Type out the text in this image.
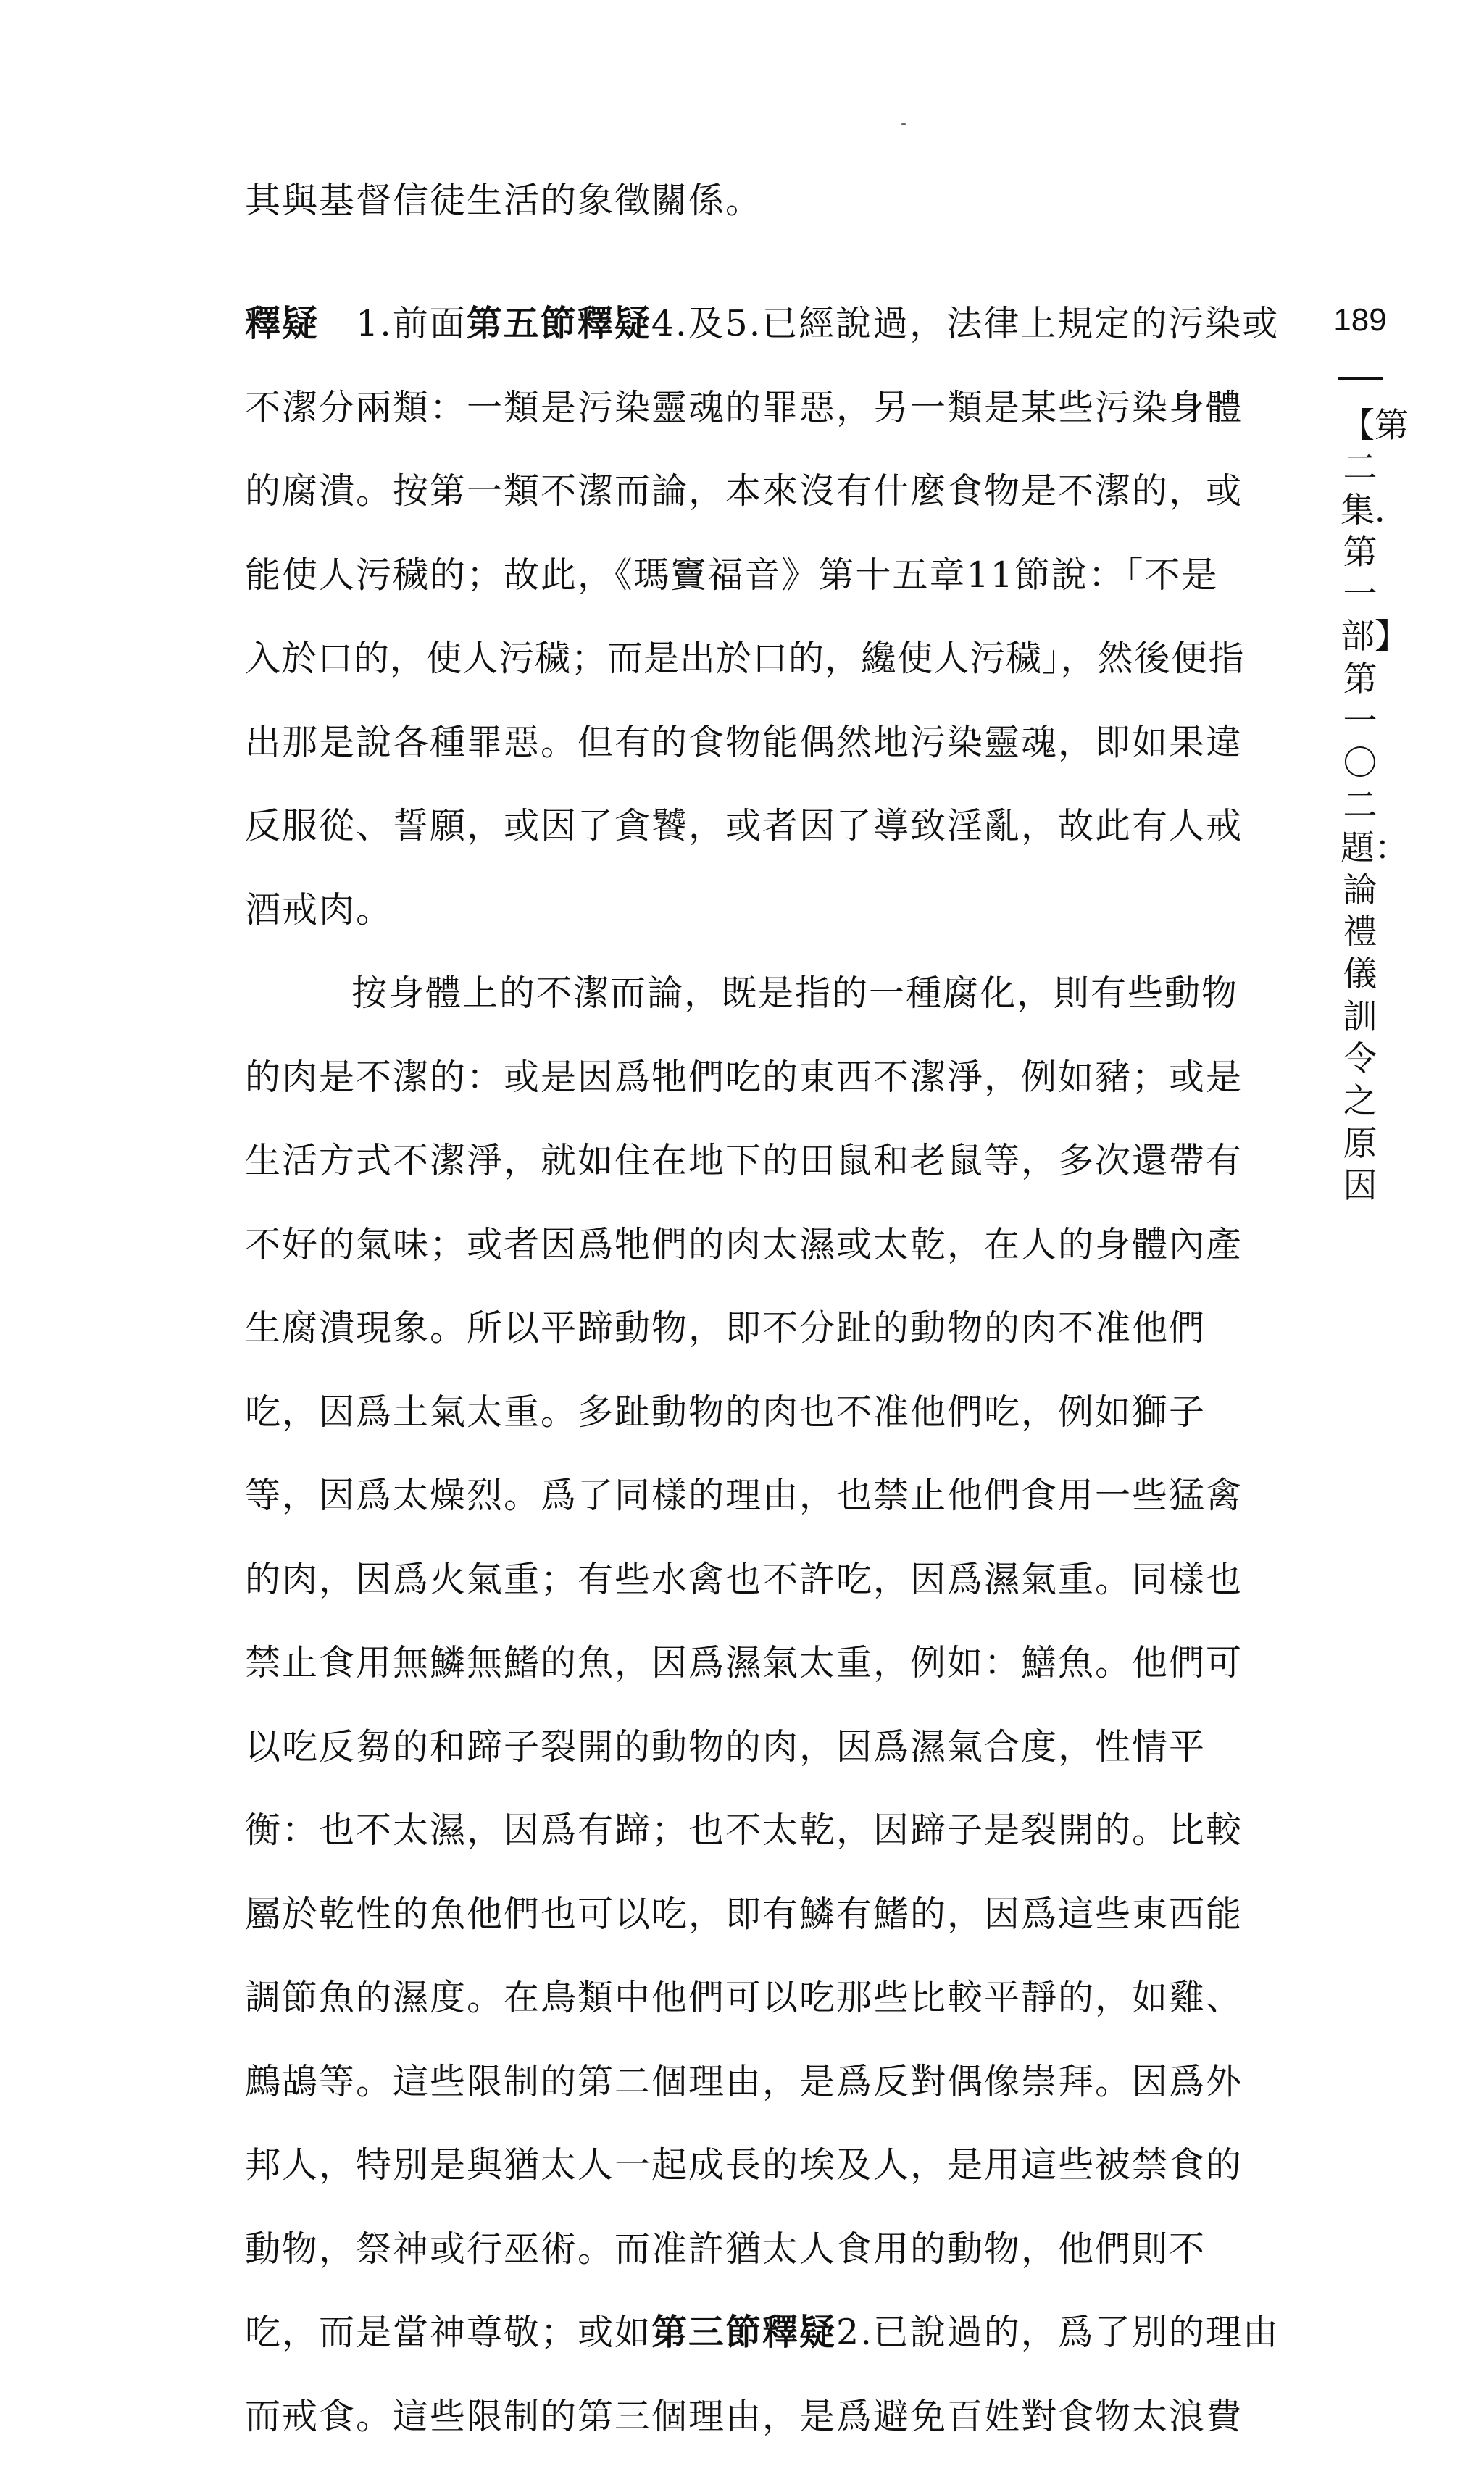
其與基督信徒生活的象徵關係。
釋疑　1.前面第五節釋疑4.及5.已經說過，法律上規定的污染或
不潔分兩類：一類是污染靈魂的罪惡，另一類是某些污染身體
的腐潰。按第一類不潔而論，本來沒有什麼食物是不潔的，或
能使人污穢的；故此，《瑪竇福音》第十五章11節說：「不是
入於口的，使人污穢；而是出於口的，纔使人污穢」，然後便指
出那是說各種罪惡。但有的食物能偶然地污染靈魂，即如果違
反服從、誓願，或因了貪饕，或者因了導致淫亂，故此有人戒
酒戒肉。
按身體上的不潔而論，既是指的一種腐化，則有些動物
的肉是不潔的：或是因爲牠們吃的東西不潔淨，例如豬；或是
生活方式不潔淨，就如住在地下的田鼠和老鼠等，多次還帶有
不好的氣味；或者因爲牠們的肉太濕或太乾，在人的身體內產
生腐潰現象。所以平蹄動物，即不分趾的動物的肉不准他們
吃，因爲土氣太重。多趾動物的肉也不准他們吃，例如獅子
等，因爲太燥烈。爲了同樣的理由，也禁止他們食用一些猛禽
的肉，因爲火氣重；有些水禽也不許吃，因爲濕氣重。同樣也
禁止食用無鱗無鰭的魚，因爲濕氣太重，例如：鱔魚。他們可
以吃反芻的和蹄子裂開的動物的肉，因爲濕氣合度，性情平
衡：也不太濕，因爲有蹄；也不太乾，因蹄子是裂開的。比較
屬於乾性的魚他們也可以吃，即有鱗有鰭的，因爲這些東西能
調節魚的濕度。在鳥類中他們可以吃那些比較平靜的，如雞、
鷓鴣等。這些限制的第二個理由，是爲反對偶像崇拜。因爲外
邦人，特別是與猶太人一起成長的埃及人，是用這些被禁食的
動物，祭神或行巫術。而准許猶太人食用的動物，他們則不
吃，而是當神尊敬；或如第三節釋疑2.已說過的，爲了別的理由
而戒食。這些限制的第三個理由，是爲避免百姓對食物太浪費
189
【第二集．第一部】第一〇二題：論禮儀訓令之原因
